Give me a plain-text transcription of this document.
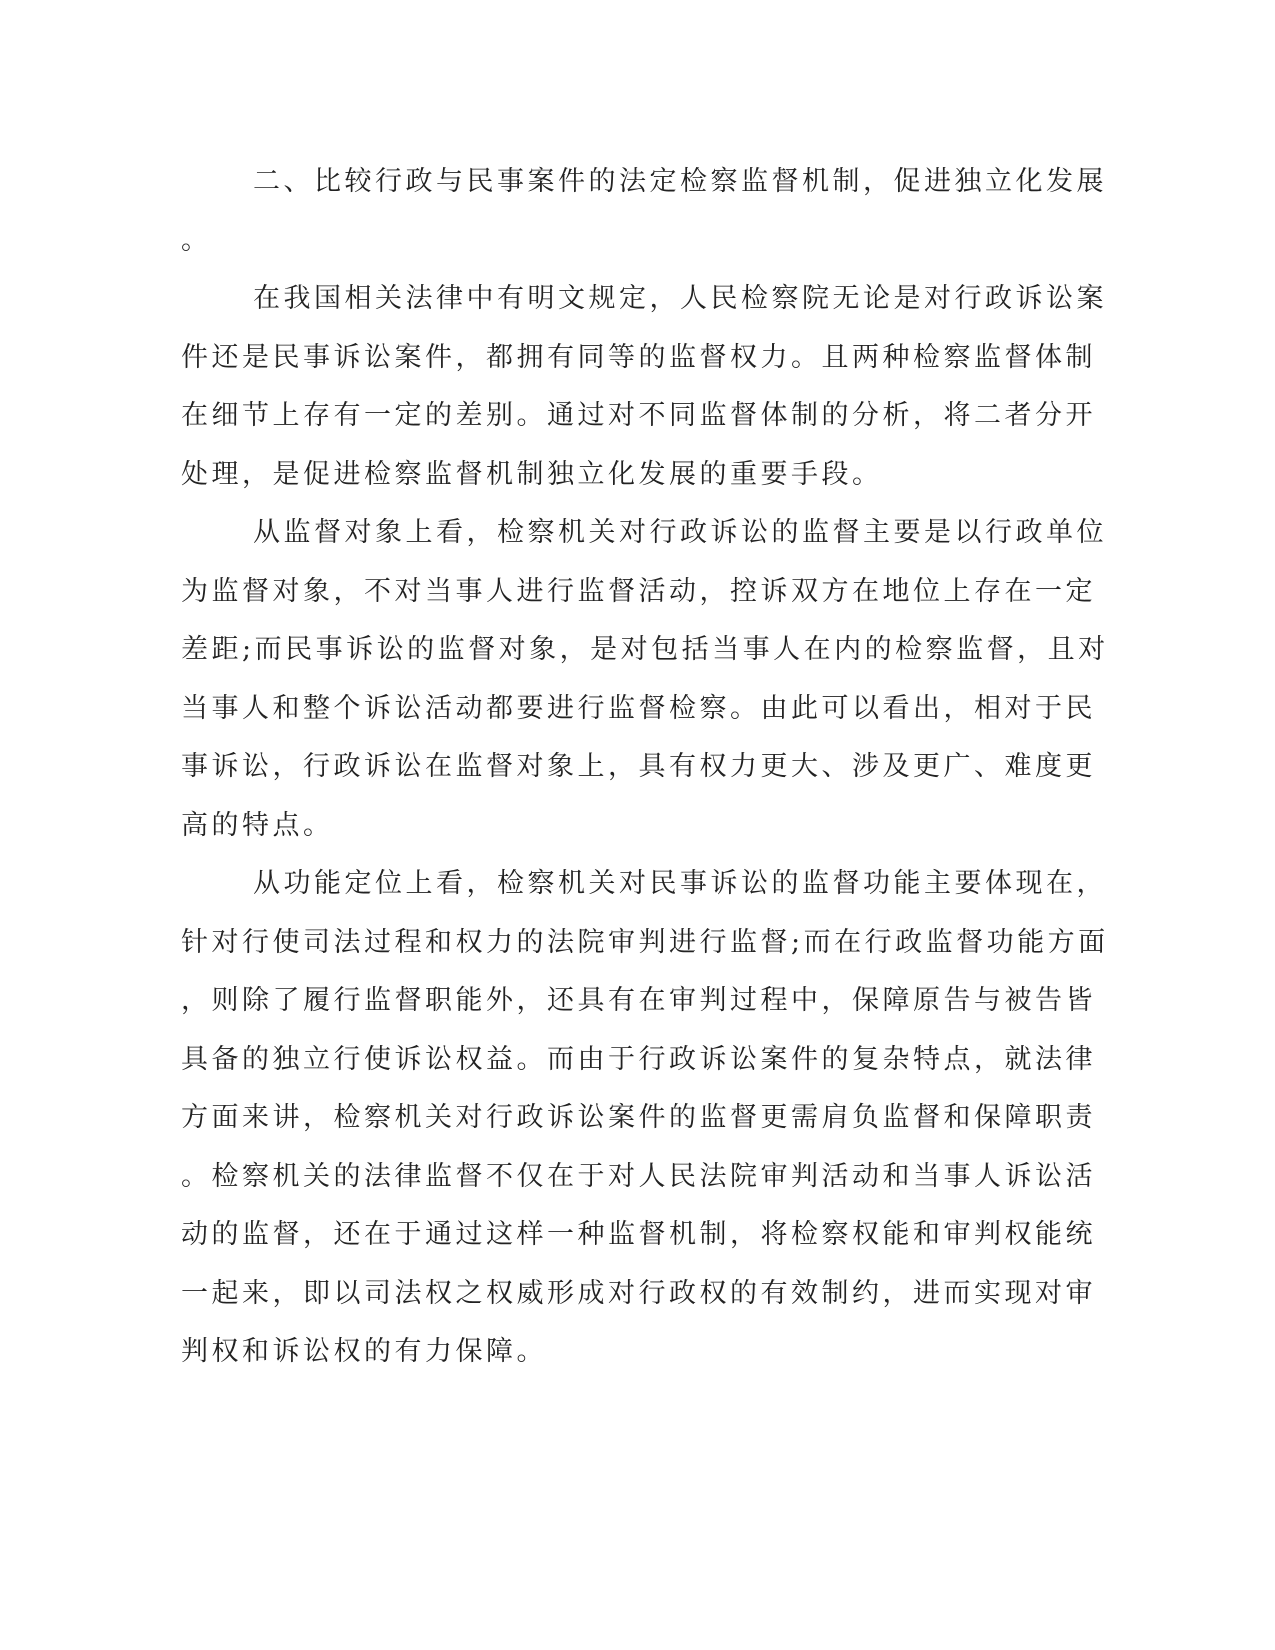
二、比较行政与民事案件的法定检察监督机制，促进独立化发展
。
在我国相关法律中有明文规定，人民检察院无论是对行政诉讼案
件还是民事诉讼案件，都拥有同等的监督权力。且两种检察监督体制
在细节上存有一定的差别。通过对不同监督体制的分析，将二者分开
处理，是促进检察监督机制独立化发展的重要手段。
从监督对象上看，检察机关对行政诉讼的监督主要是以行政单位
为监督对象，不对当事人进行监督活动，控诉双方在地位上存在一定
差距;而民事诉讼的监督对象，是对包括当事人在内的检察监督，且对
当事人和整个诉讼活动都要进行监督检察。由此可以看出，相对于民
事诉讼，行政诉讼在监督对象上，具有权力更大、涉及更广、难度更
高的特点。
从功能定位上看，检察机关对民事诉讼的监督功能主要体现在，
针对行使司法过程和权力的法院审判进行监督;而在行政监督功能方面
，则除了履行监督职能外，还具有在审判过程中，保障原告与被告皆
具备的独立行使诉讼权益。而由于行政诉讼案件的复杂特点，就法律
方面来讲，检察机关对行政诉讼案件的监督更需肩负监督和保障职责
。检察机关的法律监督不仅在于对人民法院审判活动和当事人诉讼活
动的监督，还在于通过这样一种监督机制，将检察权能和审判权能统
一起来，即以司法权之权威形成对行政权的有效制约，进而实现对审
判权和诉讼权的有力保障。
